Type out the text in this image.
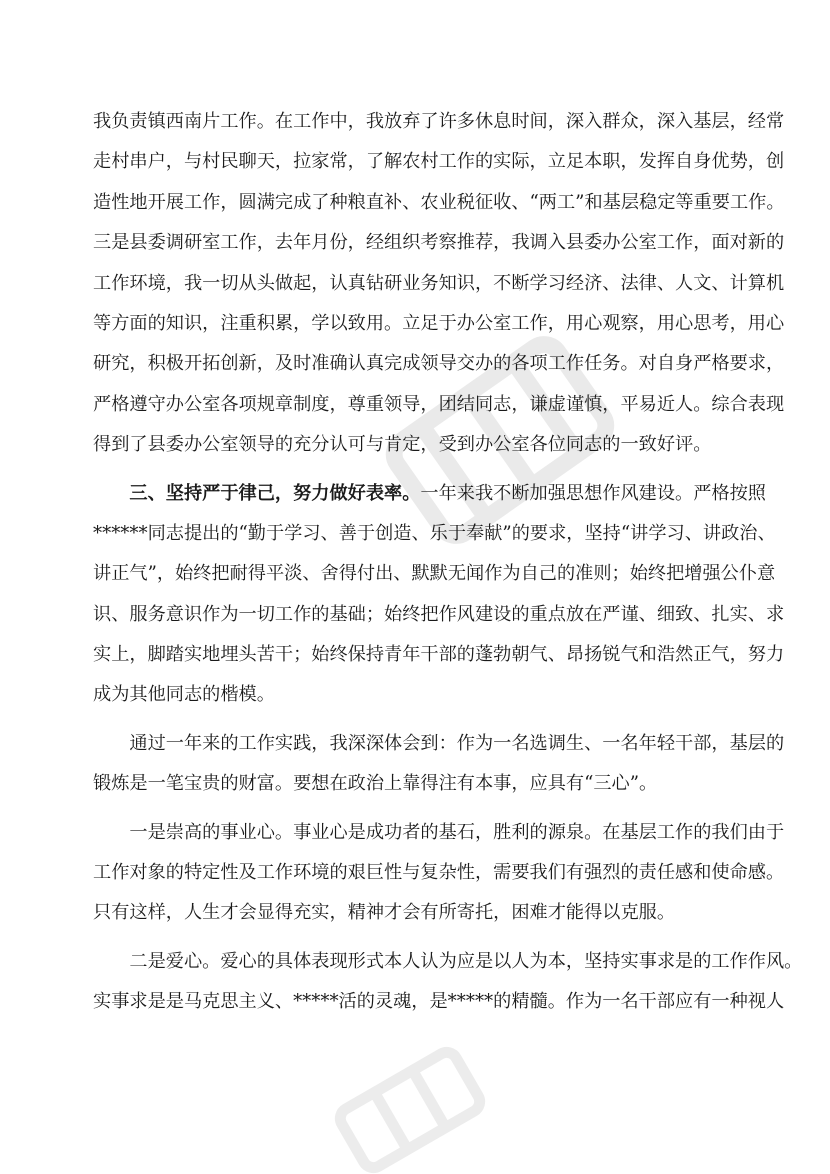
我负责镇西南片工作。在工作中，我放弃了许多休息时间，深入群众，深入基层，经常
走村串户，与村民聊天，拉家常，了解农村工作的实际，立足本职，发挥自身优势，创
造性地开展工作，圆满完成了种粮直补、农业税征收、“两工”和基层稳定等重要工作。
三是县委调研室工作，去年月份，经组织考察推荐，我调入县委办公室工作，面对新的
工作环境，我一切从头做起，认真钻研业务知识，不断学习经济、法律、人文、计算机
等方面的知识，注重积累，学以致用。立足于办公室工作，用心观察，用心思考，用心
研究，积极开拓创新，及时准确认真完成领导交办的各项工作任务。对自身严格要求，
严格遵守办公室各项规章制度，尊重领导，团结同志，谦虚谨慎，平易近人。综合表现
得到了县委办公室领导的充分认可与肯定，受到办公室各位同志的一致好评。
三、坚持严于律己，努力做好表率。一年来我不断加强思想作风建设。严格按照
******同志提出的“勤于学习、善于创造、乐于奉献”的要求，坚持“讲学习、讲政治、
讲正气”，始终把耐得平淡、舍得付出、默默无闻作为自己的准则；始终把增强公仆意
识、服务意识作为一切工作的基础；始终把作风建设的重点放在严谨、细致、扎实、求
实上，脚踏实地埋头苦干；始终保持青年干部的蓬勃朝气、昂扬锐气和浩然正气，努力
成为其他同志的楷模。
通过一年来的工作实践，我深深体会到：作为一名选调生、一名年轻干部，基层的
锻炼是一笔宝贵的财富。要想在政治上靠得注有本事，应具有“三心”。
一是崇高的事业心。事业心是成功者的基石，胜利的源泉。在基层工作的我们由于
工作对象的特定性及工作环境的艰巨性与复杂性，需要我们有强烈的责任感和使命感。
只有这样，人生才会显得充实，精神才会有所寄托，困难才能得以克服。
二是爱心。爱心的具体表现形式本人认为应是以人为本，坚持实事求是的工作作风。
实事求是是马克思主义、*****活的灵魂，是*****的精髓。作为一名干部应有一种视人
